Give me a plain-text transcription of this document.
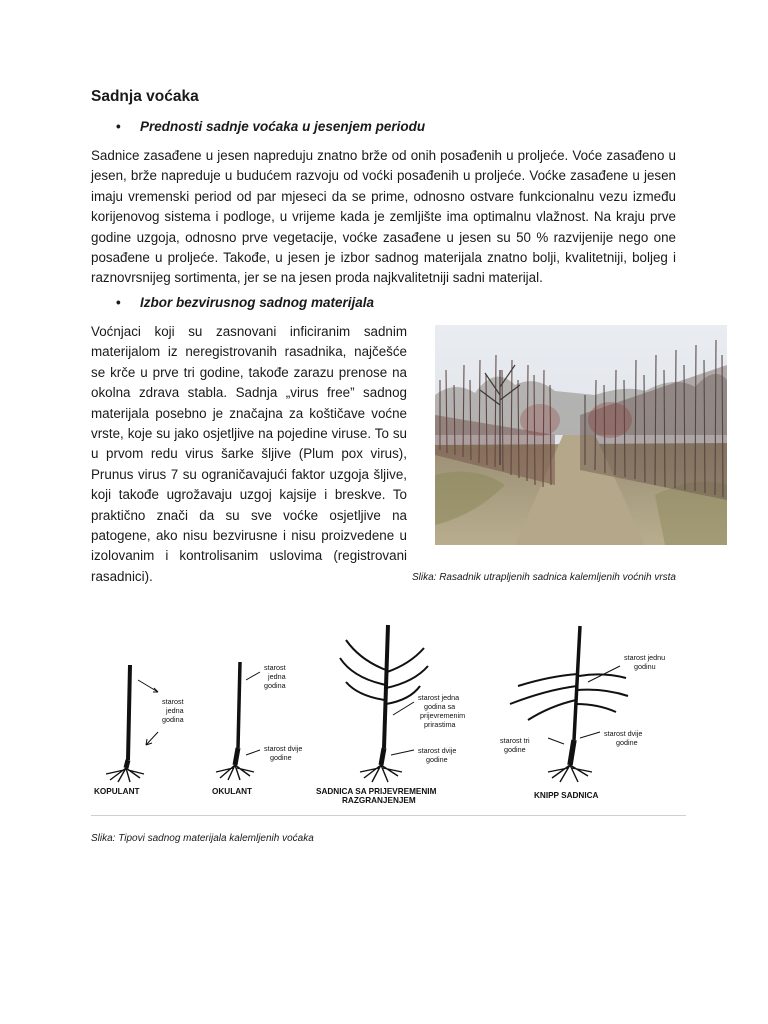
Sadnja voćaka
• Prednosti sadnje voćaka u jesenjem periodu

Sadnice zasađene u jesen napreduju znatno brže od onih posađenih u proljeće. Voće zasađeno u jesen, brže napreduje u budućem razvoju od voćki posađenih u proljeće. Voćke zasađene u jesen imaju vremenski period od par mjeseci da se prime, odnosno ostvare funkcionalnu vezu između korijenovog sistema i podloge, u vrijeme kada je zemljište ima optimalnu vlažnost. Na kraju prve godine uzgoja, odnosno prve vegetacije, voćke zasađene u jesen su 50 % razvijenije nego one posađene u proljeće. Takođe, u jesen je izbor sadnog materijala znatno bolji, kvalitetniji, boljeg i raznovrsnijeg sortimenta, jer se na jesen proda najkvalitetniji sadni materijal.

• Izbor bezvirusnog sadnog materijala

Voćnjaci koji su zasnovani inficiranim sadnim materijalom iz neregistrovanih rasadnika, najčešće se krče u prve tri godine, takođe zarazu prenose na okolna zdrava stabla. Sadnja „virus free” sadnog materijala posebno je značajna za koštičave voćne vrste, koje su jako osjetljive na pojedine viruse. To su u prvom redu virus šarke šljive (Plum pox virus), Prunus virus 7 su ograničavajući faktor uzgoja šljive, koji takođe ugrožavaju uzgoj kajsije i breskve. To praktično znači da su sve voćke osjetljive na patogene, ako nisu bezvirusne i nisu proizvedene u izolovanim i kontrolisanim uslovima (registrovani rasadnici).	Slika: Rasadnik utrapljenih sadnica kalemljenih voćnih vrsta

starost
jedna
godina
KOPULANT
starost
jedna
godina
starost dvije
godine
OKULANT
starost jedna
godina sa
prijevremenim
prirastima
starost dvije
godine
SADNICA SA PRIJEVREMENIM
RAZGRANJENJEM
starost jednu
godinu
starost tri
godine
starost dvije
godine
KNIPP SADNICA

Slika: Tipovi sadnog materijala kalemljenih voćaka
